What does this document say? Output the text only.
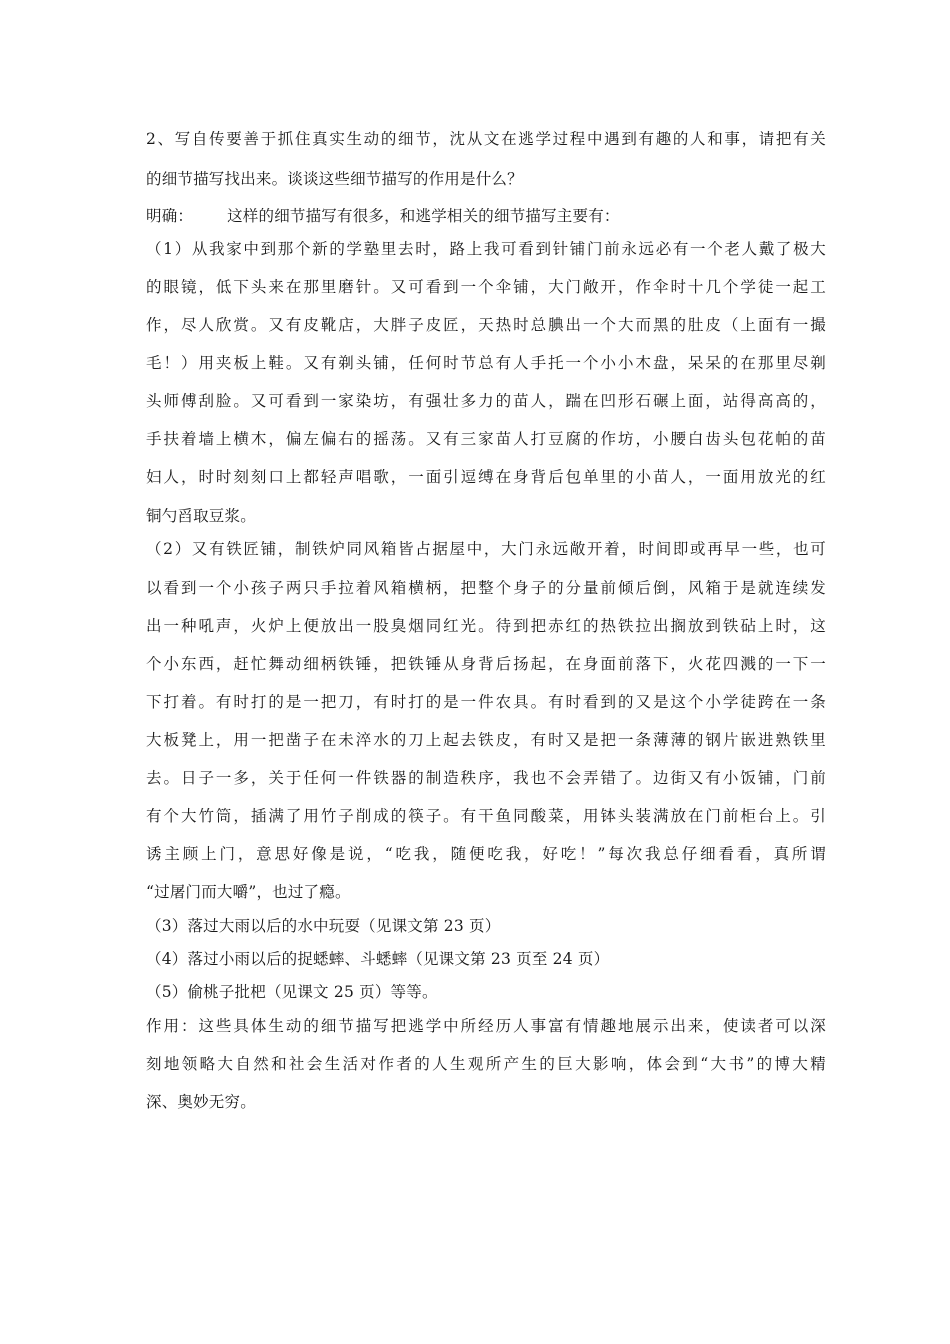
2、写自传要善于抓住真实生动的细节，沈从文在逃学过程中遇到有趣的人和事，请把有关
的细节描写找出来。谈谈这些细节描写的作用是什么？
明确： 这样的细节描写有很多，和逃学相关的细节描写主要有：
（1）从我家中到那个新的学塾里去时，路上我可看到针铺门前永远必有一个老人戴了极大
的眼镜，低下头来在那里磨针。又可看到一个伞铺，大门敞开，作伞时十几个学徒一起工
作，尽人欣赏。又有皮靴店，大胖子皮匠，天热时总腆出一个大而黑的肚皮（上面有一撮
毛！）用夹板上鞋。又有剃头铺，任何时节总有人手托一个小小木盘，呆呆的在那里尽剃
头师傅刮脸。又可看到一家染坊，有强壮多力的苗人，踹在凹形石碾上面，站得高高的，
手扶着墙上横木，偏左偏右的摇荡。又有三家苗人打豆腐的作坊，小腰白齿头包花帕的苗
妇人，时时刻刻口上都轻声唱歌，一面引逗缚在身背后包单里的小苗人，一面用放光的红
铜勺舀取豆浆。
（2）又有铁匠铺，制铁炉同风箱皆占据屋中，大门永远敞开着，时间即或再早一些，也可
以看到一个小孩子两只手拉着风箱横柄，把整个身子的分量前倾后倒，风箱于是就连续发
出一种吼声，火炉上便放出一股臭烟同红光。待到把赤红的热铁拉出搁放到铁砧上时，这
个小东西，赶忙舞动细柄铁锤，把铁锤从身背后扬起，在身面前落下，火花四溅的一下一
下打着。有时打的是一把刀，有时打的是一件农具。有时看到的又是这个小学徒跨在一条
大板凳上，用一把凿子在未淬水的刀上起去铁皮，有时又是把一条薄薄的钢片嵌进熟铁里
去。日子一多，关于任何一件铁器的制造秩序，我也不会弄错了。边街又有小饭铺，门前
有个大竹筒，插满了用竹子削成的筷子。有干鱼同酸菜，用钵头装满放在门前柜台上。引
诱主顾上门，意思好像是说，“吃我，随便吃我，好吃！”每次我总仔细看看，真所谓
“过屠门而大嚼”，也过了瘾。
（3）落过大雨以后的水中玩耍（见课文第 23 页）
（4）落过小雨以后的捉蟋蟀、斗蟋蟀（见课文第 23 页至 24 页）
（5）偷桃子批杷（见课文 25 页）等等。
作用：这些具体生动的细节描写把逃学中所经历人事富有情趣地展示出来，使读者可以深
刻地领略大自然和社会生活对作者的人生观所产生的巨大影响，体会到“大书”的博大精
深、奥妙无穷。
